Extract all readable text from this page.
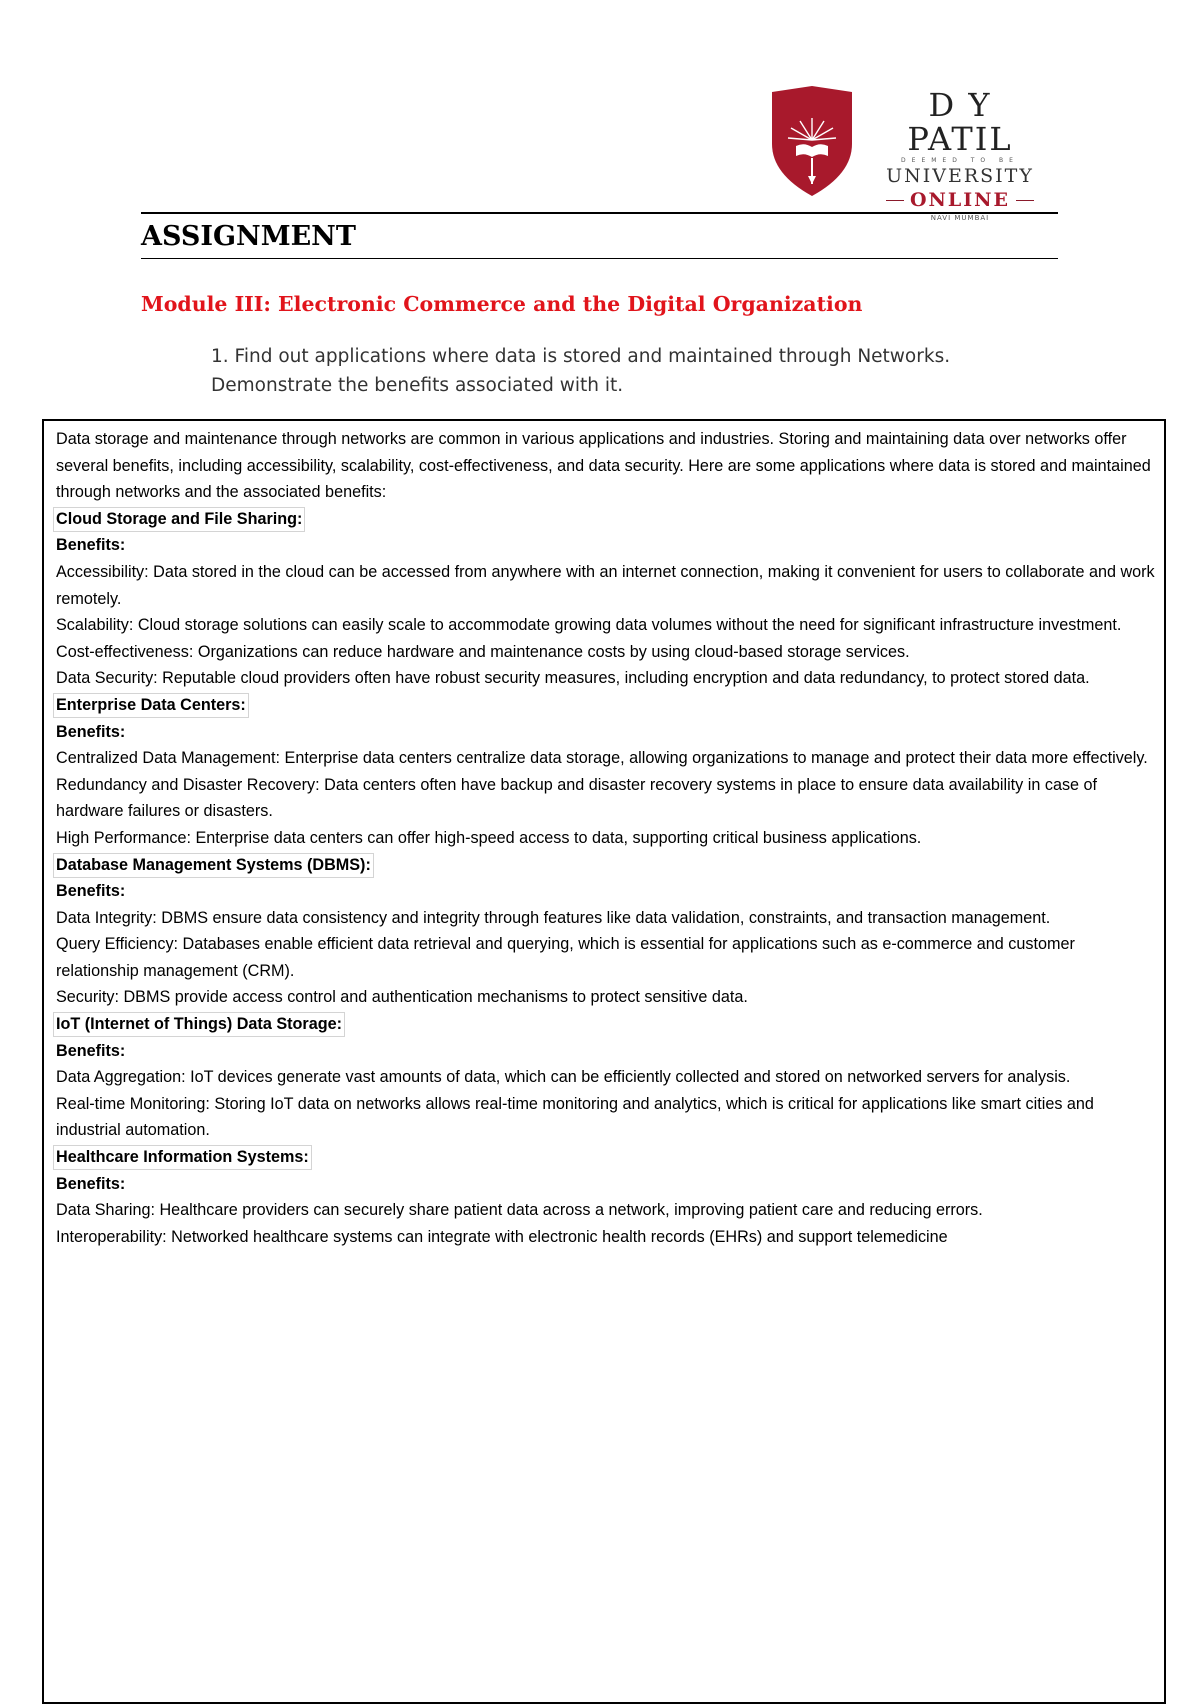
D Y PATIL
DEEMED TO BE
UNIVERSITY
ONLINE
NAVI MUMBAI
ASSIGNMENT
Module III: Electronic Commerce and the Digital Organization
1. Find out applications where data is stored and maintained through Networks. Demonstrate the benefits associated with it.

Data storage and maintenance through networks are common in various applications and industries. Storing and maintaining data over networks offer several benefits, including accessibility, scalability, cost-effectiveness, and data security. Here are some applications where data is stored and maintained through networks and the associated benefits:

Cloud Storage and File Sharing:

Benefits:

Accessibility: Data stored in the cloud can be accessed from anywhere with an internet connection, making it convenient for users to collaborate and work remotely.

Scalability: Cloud storage solutions can easily scale to accommodate growing data volumes without the need for significant infrastructure investment.

Cost-effectiveness: Organizations can reduce hardware and maintenance costs by using cloud-based storage services.

Data Security: Reputable cloud providers often have robust security measures, including encryption and data redundancy, to protect stored data.

Enterprise Data Centers:

Benefits:

Centralized Data Management: Enterprise data centers centralize data storage, allowing organizations to manage and protect their data more effectively.

Redundancy and Disaster Recovery: Data centers often have backup and disaster recovery systems in place to ensure data availability in case of hardware failures or disasters.

High Performance: Enterprise data centers can offer high-speed access to data, supporting critical business applications.

Database Management Systems (DBMS):

Benefits:

Data Integrity: DBMS ensure data consistency and integrity through features like data validation, constraints, and transaction management.

Query Efficiency: Databases enable efficient data retrieval and querying, which is essential for applications such as e-commerce and customer relationship management (CRM).

Security: DBMS provide access control and authentication mechanisms to protect sensitive data.

IoT (Internet of Things) Data Storage:

Benefits:

Data Aggregation: IoT devices generate vast amounts of data, which can be efficiently collected and stored on networked servers for analysis.

Real-time Monitoring: Storing IoT data on networks allows real-time monitoring and analytics, which is critical for applications like smart cities and industrial automation.

Healthcare Information Systems:

Benefits:

Data Sharing: Healthcare providers can securely share patient data across a network, improving patient care and reducing errors.

Interoperability: Networked healthcare systems can integrate with electronic health records (EHRs) and support telemedicine
